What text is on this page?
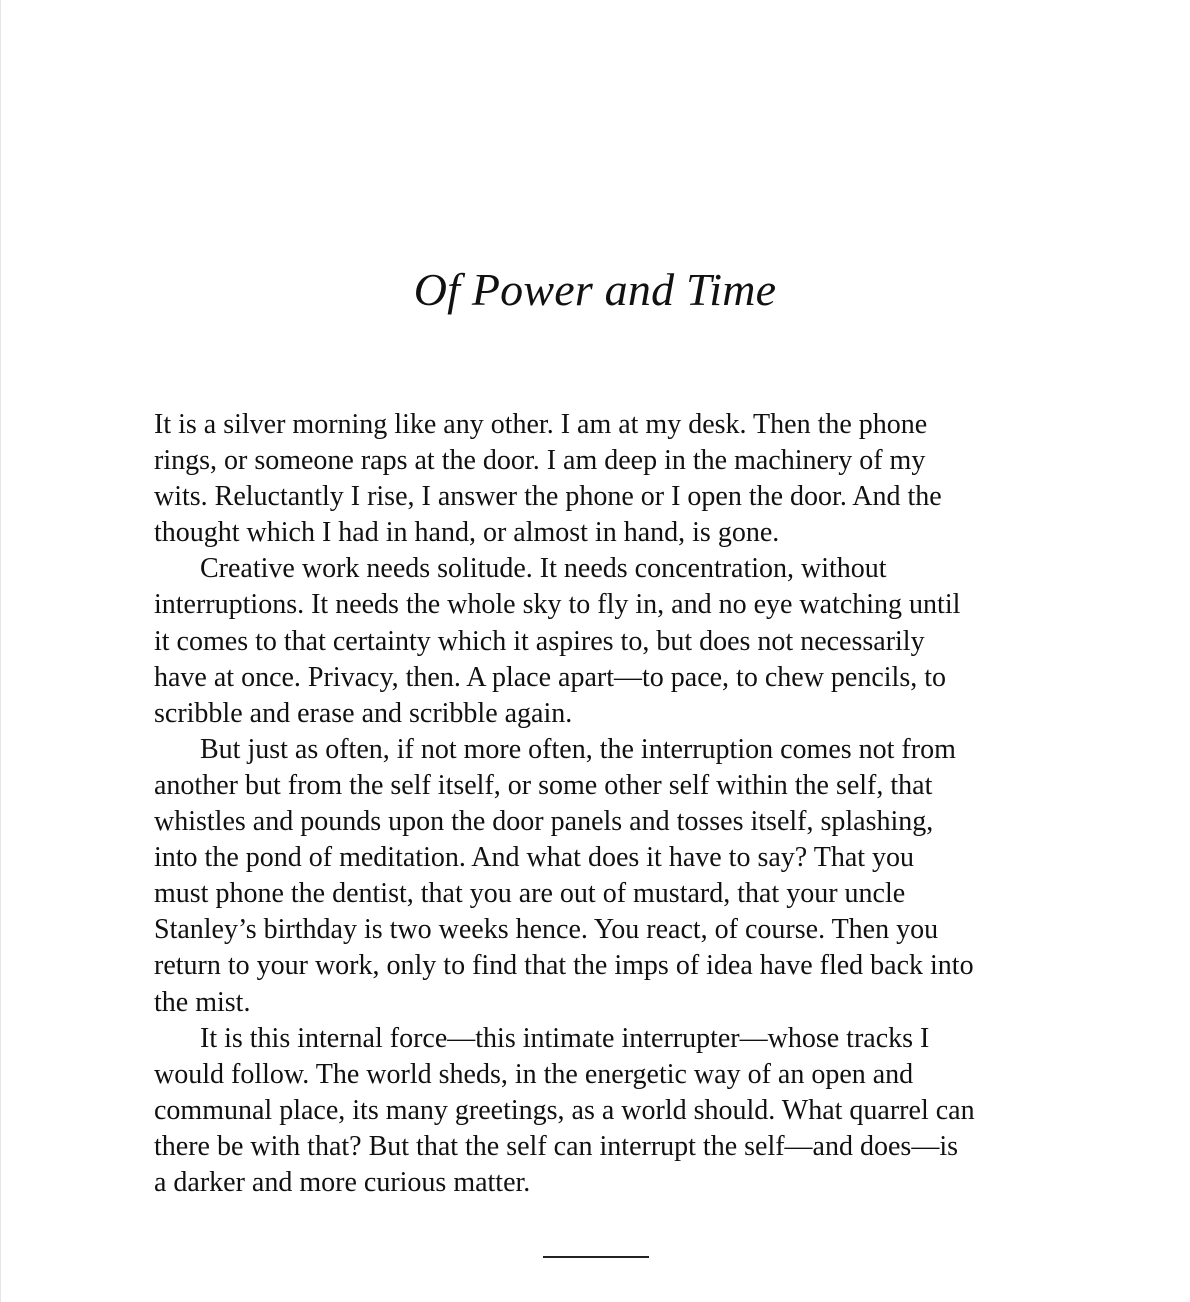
Of Power and Time

It is a silver morning like any other. I am at my desk. Then the phone
rings, or someone raps at the door. I am deep in the machinery of my
wits. Reluctantly I rise, I answer the phone or I open the door. And the
thought which I had in hand, or almost in hand, is gone.

Creative work needs solitude. It needs concentration, without
interruptions. It needs the whole sky to fly in, and no eye watching until
it comes to that certainty which it aspires to, but does not necessarily
have at once. Privacy, then. A place apart—to pace, to chew pencils, to
scribble and erase and scribble again.

But just as often, if not more often, the interruption comes not from
another but from the self itself, or some other self within the self, that
whistles and pounds upon the door panels and tosses itself, splashing,
into the pond of meditation. And what does it have to say? That you
must phone the dentist, that you are out of mustard, that your uncle
Stanley’s birthday is two weeks hence. You react, of course. Then you
return to your work, only to find that the imps of idea have fled back into
the mist.

It is this internal force—this intimate interrupter—whose tracks I
would follow. The world sheds, in the energetic way of an open and
communal place, its many greetings, as a world should. What quarrel can
there be with that? But that the self can interrupt the self—and does—is
a darker and more curious matter.
